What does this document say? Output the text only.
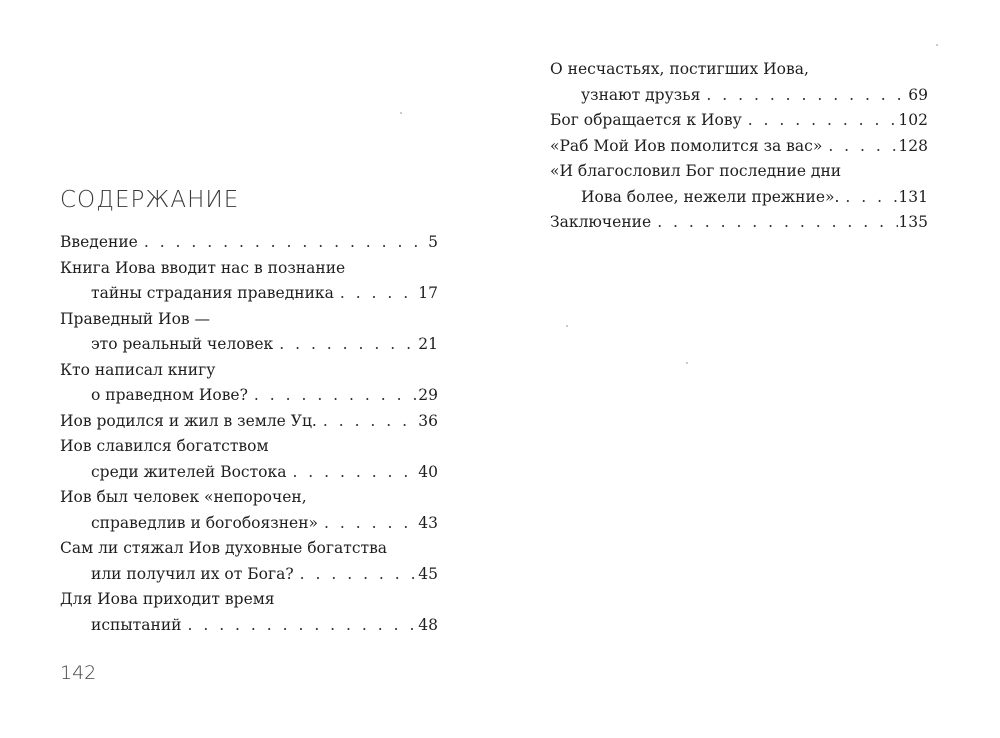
СОДЕРЖАНИЕ
Введение . . .	5
Книга Иова вводит нас в познание
тайны страдания праведника . . .	17
Праведный Иов —
это реальный человек . . .	21
Кто написал книгу
о праведном Иове? . . .	29
Иов родился и жил в земле Уц. . . .	36
Иов славился богатством
среди жителей Востока . . .	40
Иов был человек «непорочен,
справедлив и богобоязнен» . . .	43
Сам ли стяжал Иов духовные богатства
или получил их от Бога? . . .	45
Для Иова приходит время
испытаний . . .	48
142
О несчастьях, постигших Иова,
узнают друзья . . .	69
Бог обращается к Иову . . .	102
«Раб Мой Иов помолится за вас» . . .	128
«И благословил Бог последние дни
Иова более, нежели прежние». . . .	131
Заключение . . .	135
